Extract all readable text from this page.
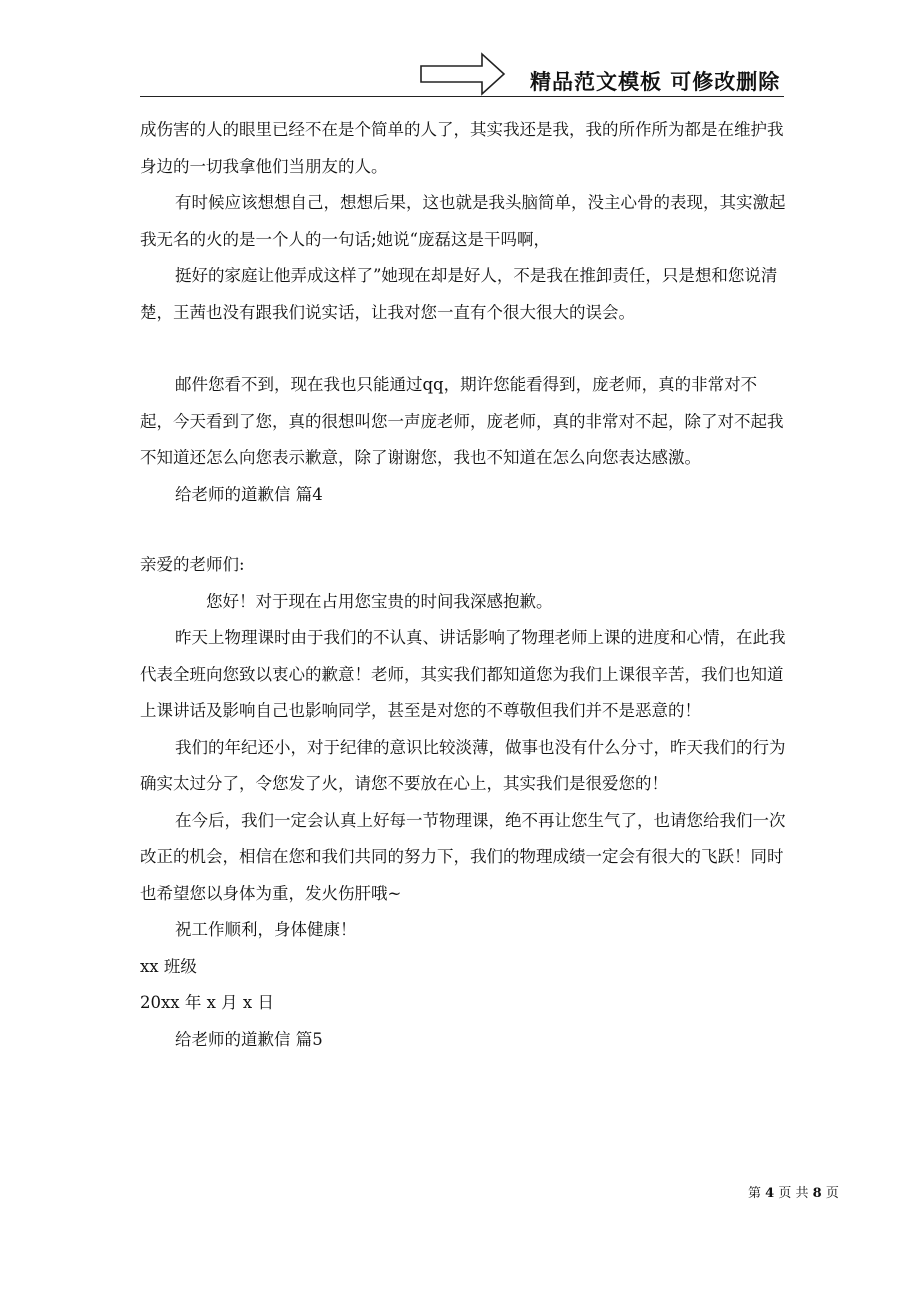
精品范文模板 可修改删除

成伤害的人的眼里已经不在是个简单的人了，其实我还是我，我的所作所为都是在维护我身边的一切我拿他们当朋友的人。

有时候应该想想自己，想想后果，这也就是我头脑简单，没主心骨的表现，其实激起我无名的火的是一个人的一句话;她说“庞磊这是干吗啊，

挺好的家庭让他弄成这样了”她现在却是好人，不是我在推卸责任，只是想和您说清楚，王茜也没有跟我们说实话，让我对您一直有个很大很大的误会。

邮件您看不到，现在我也只能通过qq，期许您能看得到，庞老师，真的非常对不起，今天看到了您，真的很想叫您一声庞老师，庞老师，真的非常对不起，除了对不起我不知道还怎么向您表示歉意，除了谢谢您，我也不知道在怎么向您表达感激。

给老师的道歉信 篇4

亲爱的老师们:

您好！对于现在占用您宝贵的时间我深感抱歉。

昨天上物理课时由于我们的不认真、讲话影响了物理老师上课的进度和心情，在此我代表全班向您致以衷心的歉意！老师，其实我们都知道您为我们上课很辛苦，我们也知道上课讲话及影响自己也影响同学，甚至是对您的不尊敬但我们并不是恶意的！

我们的年纪还小，对于纪律的意识比较淡薄，做事也没有什么分寸，昨天我们的行为确实太过分了，令您发了火，请您不要放在心上，其实我们是很爱您的！

在今后，我们一定会认真上好每一节物理课，绝不再让您生气了，也请您给我们一次改正的机会，相信在您和我们共同的努力下，我们的物理成绩一定会有很大的飞跃！同时也希望您以身体为重，发火伤肝哦~

祝工作顺利，身体健康！

xx 班级

20xx 年 x 月 x 日

给老师的道歉信 篇5

第 4 页 共 8 页
